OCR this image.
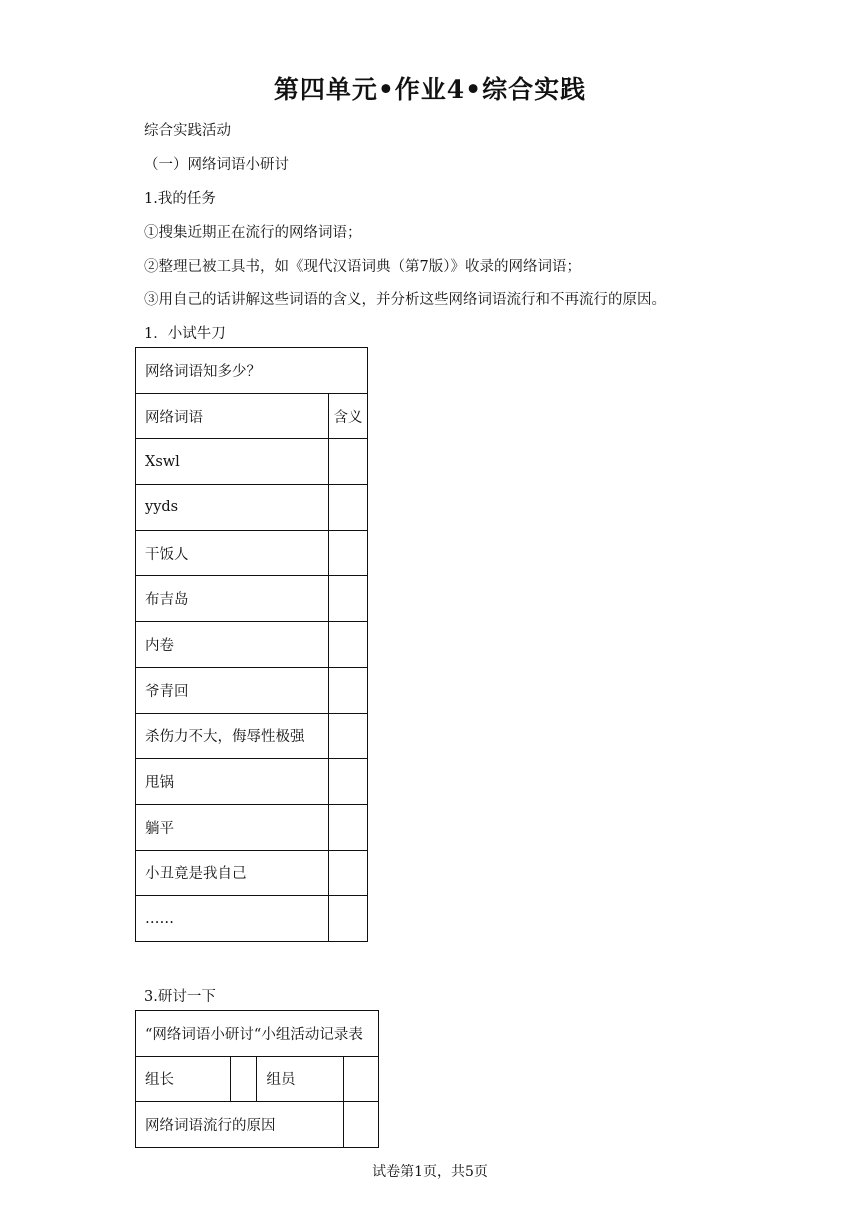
第四单元•作业4•综合实践
综合实践活动
（一）网络词语小研讨
1.我的任务
①搜集近期正在流行的网络词语；
②整理已被工具书，如《现代汉语词典（第7版）》收录的网络词语；
③用自己的话讲解这些词语的含义，并分析这些网络词语流行和不再流行的原因。
1．小试牛刀
网络词语知多少？	
网络词语	含义
Xswl	
yyds	
干饭人	
布吉岛	
内卷	
爷青回	
杀伤力不大，侮辱性极强	
甩锅	
躺平	
小丑竟是我自己	
……	
3.研讨一下
“网络词语小研讨“小组活动记录表			
组长		组员	
网络词语流行的原因			
试卷第1页，共5页
